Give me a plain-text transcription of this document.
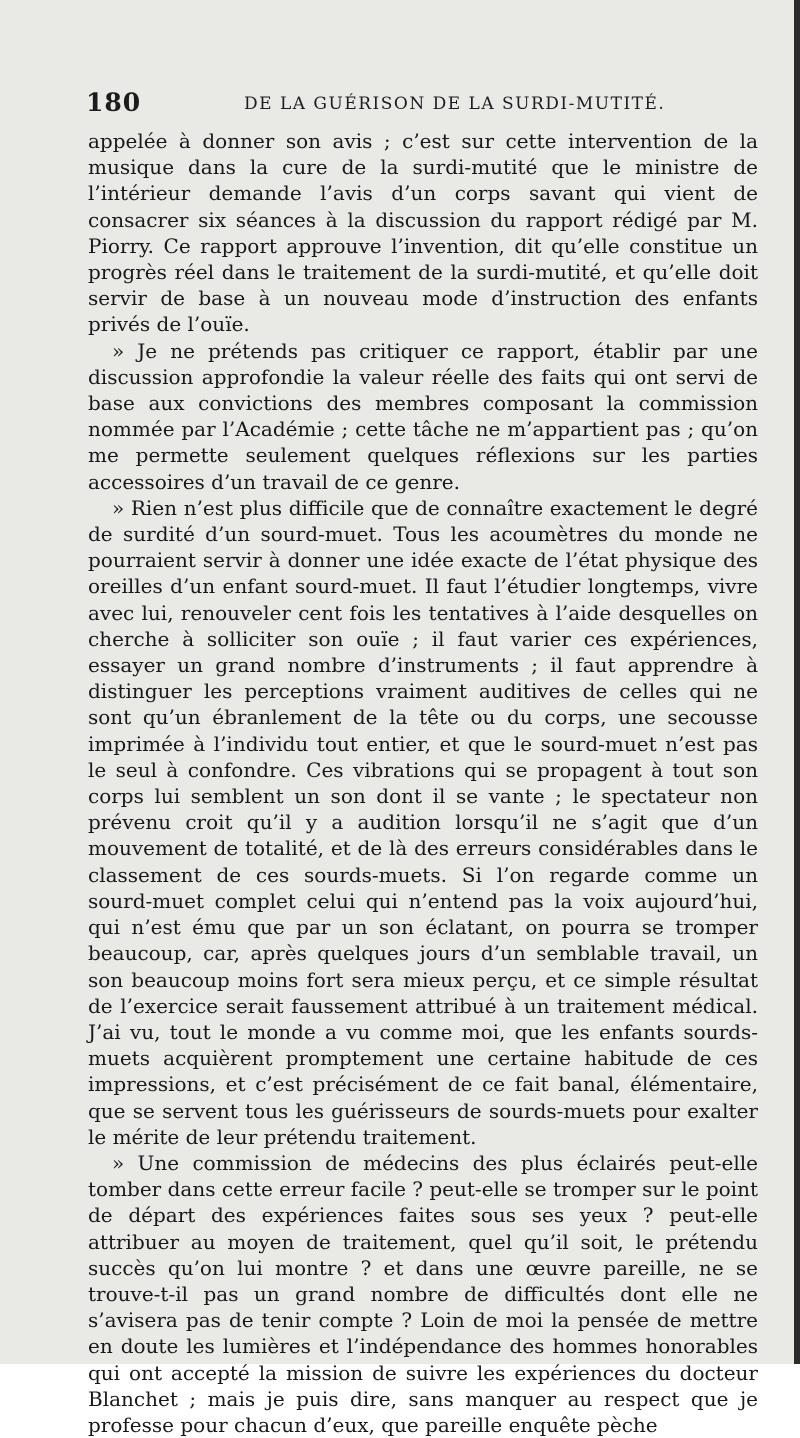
180	DE LA GUÉRISON DE LA SURDI-MUTITÉ.

appelée à donner son avis ; c’est sur cette intervention de la musique dans la cure de la surdi-mutité que le ministre de l’intérieur demande l’avis d’un corps savant qui vient de consacrer six séances à la discussion du rapport rédigé par M. Piorry. Ce rapport approuve l’invention, dit qu’elle constitue un progrès réel dans le traitement de la surdi-mutité, et qu’elle doit servir de base à un nouveau mode d’instruction des enfants privés de l’ouïe.

» Je ne prétends pas critiquer ce rapport, établir par une discussion approfondie la valeur réelle des faits qui ont servi de base aux convictions des membres composant la commission nommée par l’Académie ; cette tâche ne m’appartient pas ; qu’on me permette seulement quelques réflexions sur les parties accessoires d’un travail de ce genre.

» Rien n’est plus difficile que de connaître exactement le degré de surdité d’un sourd-muet. Tous les acoumètres du monde ne pourraient servir à donner une idée exacte de l’état physique des oreilles d’un enfant sourd-muet. Il faut l’étudier longtemps, vivre avec lui, renouveler cent fois les tentatives à l’aide desquelles on cherche à solliciter son ouïe ; il faut varier ces expériences, essayer un grand nombre d’instruments ; il faut apprendre à distinguer les perceptions vraiment auditives de celles qui ne sont qu’un ébranlement de la tête ou du corps, une secousse imprimée à l’individu tout entier, et que le sourd-muet n’est pas le seul à confondre. Ces vibrations qui se propagent à tout son corps lui semblent un son dont il se vante ; le spectateur non prévenu croit qu’il y a audition lorsqu’il ne s’agit que d’un mouvement de totalité, et de là des erreurs considérables dans le classement de ces sourds-muets. Si l’on regarde comme un sourd-muet complet celui qui n’entend pas la voix aujourd’hui, qui n’est ému que par un son éclatant, on pourra se tromper beaucoup, car, après quelques jours d’un semblable travail, un son beaucoup moins fort sera mieux perçu, et ce simple résultat de l’exercice serait faussement attribué à un traitement médical. J’ai vu, tout le monde a vu comme moi, que les enfants sourds-muets acquièrent promptement une certaine habitude de ces impressions, et c’est précisément de ce fait banal, élémentaire, que se servent tous les guérisseurs de sourds-muets pour exalter le mérite de leur prétendu traitement.

» Une commission de médecins des plus éclairés peut-elle tomber dans cette erreur facile ? peut-elle se tromper sur le point de départ des expériences faites sous ses yeux ? peut-elle attribuer au moyen de traitement, quel qu’il soit, le prétendu succès qu’on lui montre ? et dans une œuvre pareille, ne se trouve-t-il pas un grand nombre de difficultés dont elle ne s’avisera pas de tenir compte ? Loin de moi la pensée de mettre en doute les lumières et l’indépendance des hommes honorables qui ont accepté la mission de suivre les expériences du docteur Blanchet ; mais je puis dire, sans manquer au respect que je professe pour chacun d’eux, que pareille enquête pèche
